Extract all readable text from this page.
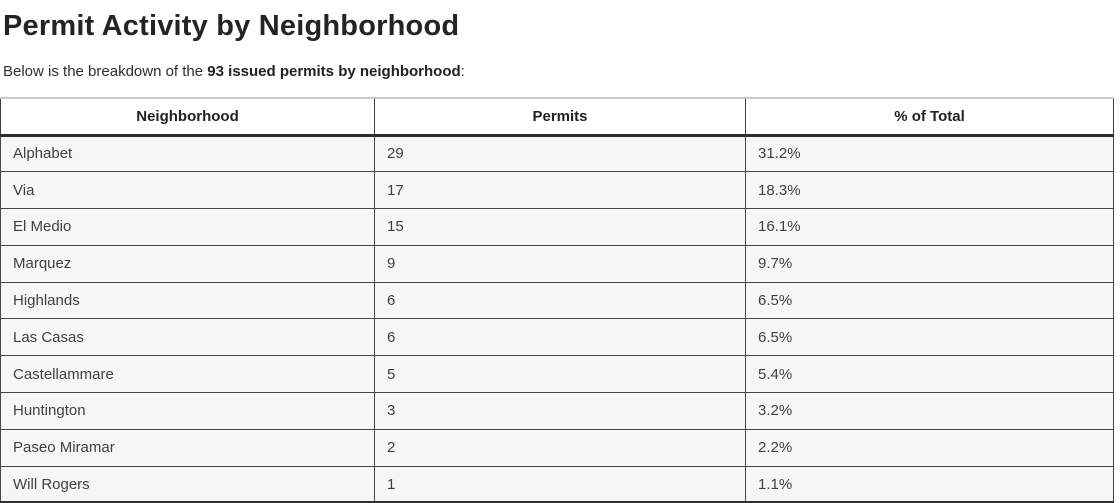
Permit Activity by Neighborhood

Below is the breakdown of the 93 issued permits by neighborhood:

Neighborhood	Permits	% of Total
Alphabet	29	31.2%
Via	17	18.3%
El Medio	15	16.1%
Marquez	9	9.7%
Highlands	6	6.5%
Las Casas	6	6.5%
Castellammare	5	5.4%
Huntington	3	3.2%
Paseo Miramar	2	2.2%
Will Rogers	1	1.1%
